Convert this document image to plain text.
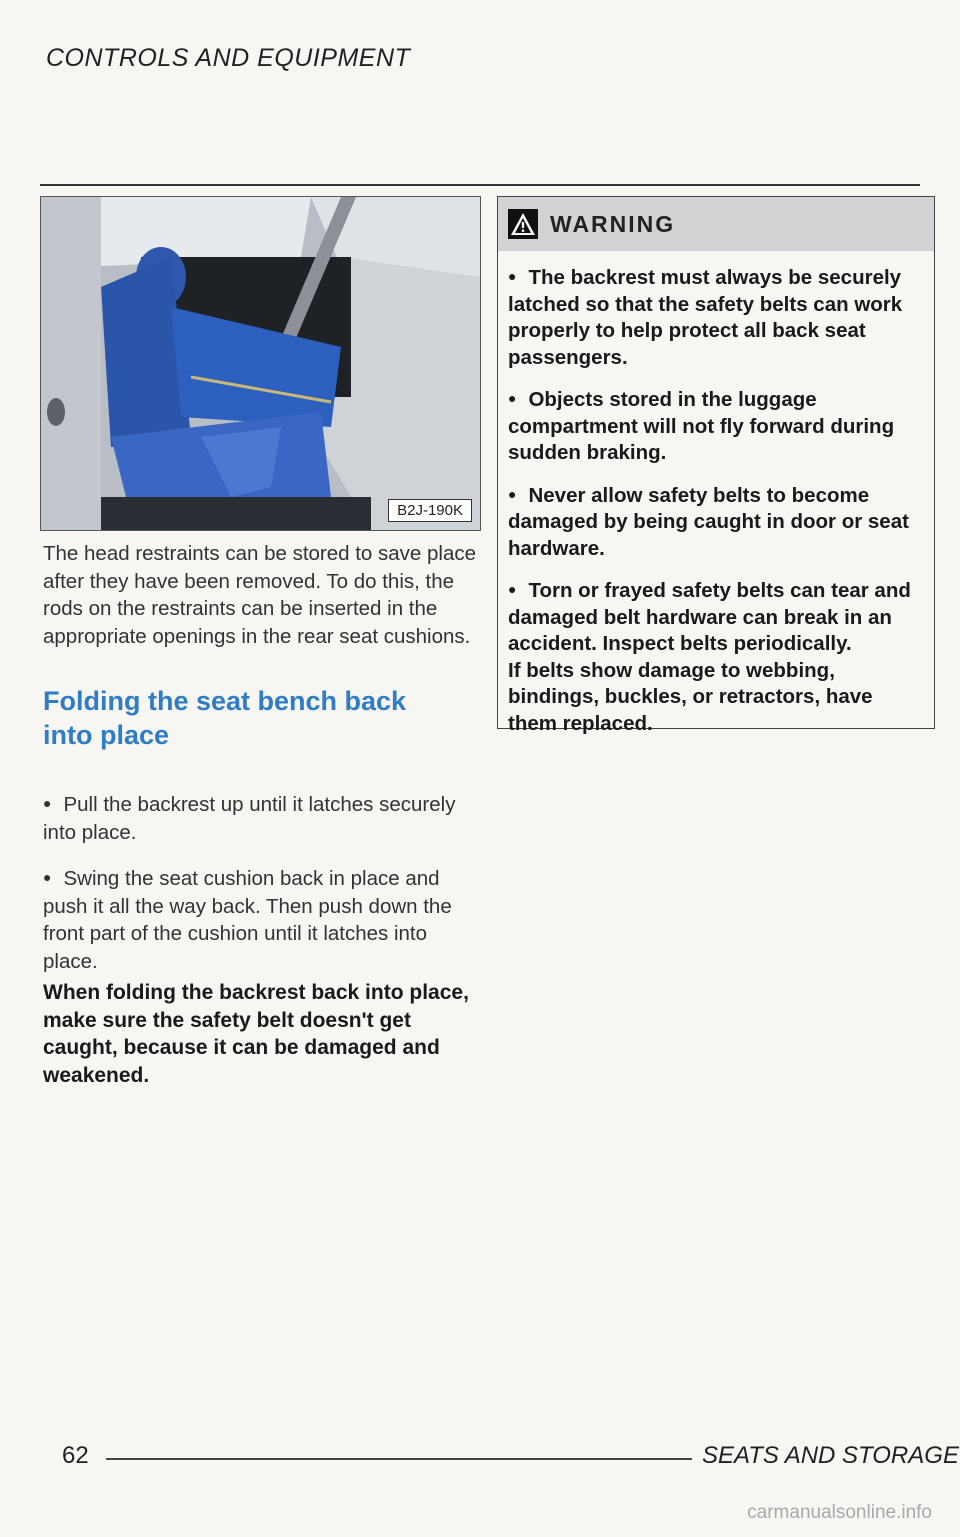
CONTROLS AND EQUIPMENT
B2J-190K

The head restraints can be stored to save place after they have been removed. To do this, the rods on the restraints can be inserted in the appropriate openings in the rear seat cushions.

Folding the seat bench back
into place

● Pull the backrest up until it latches securely into place.

● Swing the seat cushion back in place and push it all the way back. Then push down the front part of the cushion until it latches into place.

When folding the backrest back into place, make sure the safety belt doesn't get caught, because it can be damaged and weakened.

WARNING

● The backrest must always be securely latched so that the safety belts can work properly to help protect all back seat passengers.

● Objects stored in the luggage compartment will not fly forward during sudden braking.

● Never allow safety belts to become damaged by being caught in door or seat hardware.

● Torn or frayed safety belts can tear and damaged belt hardware can break in an accident. Inspect belts periodically.

If belts show damage to webbing, bindings, buckles, or retractors, have them replaced.

62	SEATS AND STORAGE
carmanualsonline.info
